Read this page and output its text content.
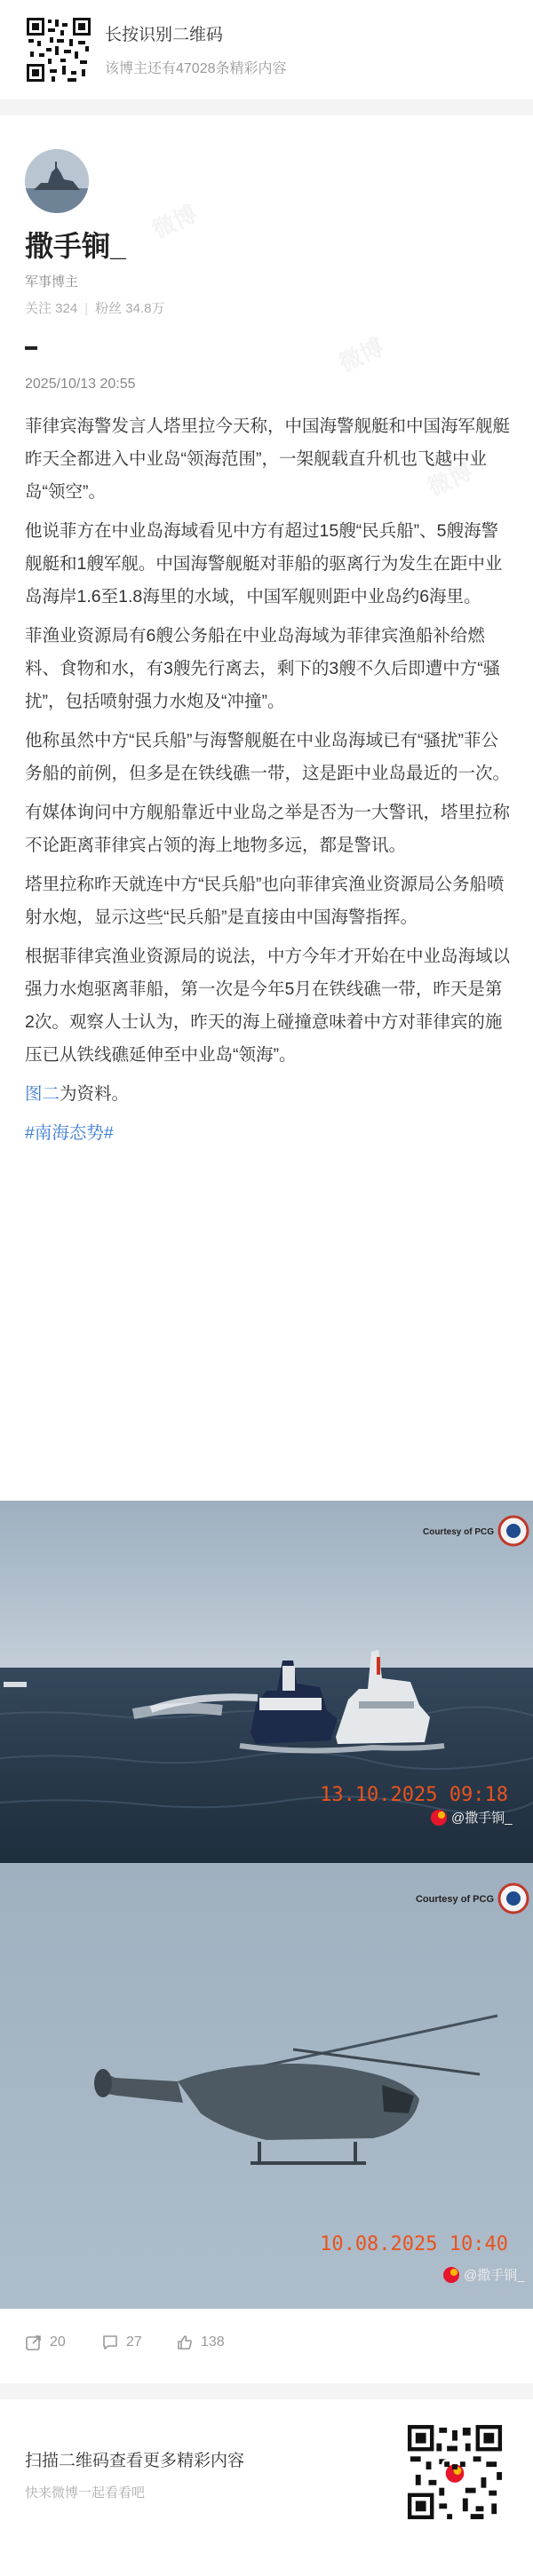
微博
微博
微博
长按识别二维码
该博主还有47028条精彩内容
撒手锏_
军事博主
关注 324 | 粉丝 34.8万
2025/10/13 20:55

菲律宾海警发言人塔里拉今天称，中国海警舰艇和中国海军舰艇昨天全都进入中业岛“领海范围”，一架舰载直升机也飞越中业岛“领空”。

他说菲方在中业岛海域看见中方有超过15艘“民兵船”、5艘海警舰艇和1艘军舰。中国海警舰艇对菲船的驱离行为发生在距中业岛海岸1.6至1.8海里的水域，中国军舰则距中业岛约6海里。

菲渔业资源局有6艘公务船在中业岛海域为菲律宾渔船补给燃料、食物和水，有3艘先行离去，剩下的3艘不久后即遭中方“骚扰”，包括喷射强力水炮及“冲撞”。

他称虽然中方“民兵船”与海警舰艇在中业岛海域已有“骚扰”菲公务船的前例，但多是在铁线礁一带，这是距中业岛最近的一次。

有媒体询问中方舰船靠近中业岛之举是否为一大警讯，塔里拉称不论距离菲律宾占领的海上地物多远，都是警讯。

塔里拉称昨天就连中方“民兵船”也向菲律宾渔业资源局公务船喷射水炮，显示这些“民兵船”是直接由中国海警指挥。

根据菲律宾渔业资源局的说法，中方今年才开始在中业岛海域以强力水炮驱离菲船，第一次是今年5月在铁线礁一带，昨天是第2次。观察人士认为，昨天的海上碰撞意味着中方对菲律宾的施压已从铁线礁延伸至中业岛“领海”。

图二为资料。

#南海态势#

Courtesy of PCG
13.10.2025 09:18
@撒手锏_
Courtesy of PCG
10.08.2025 10:40
@撒手锏_
20	27	138
扫描二维码查看更多精彩内容
快来微博一起看看吧
